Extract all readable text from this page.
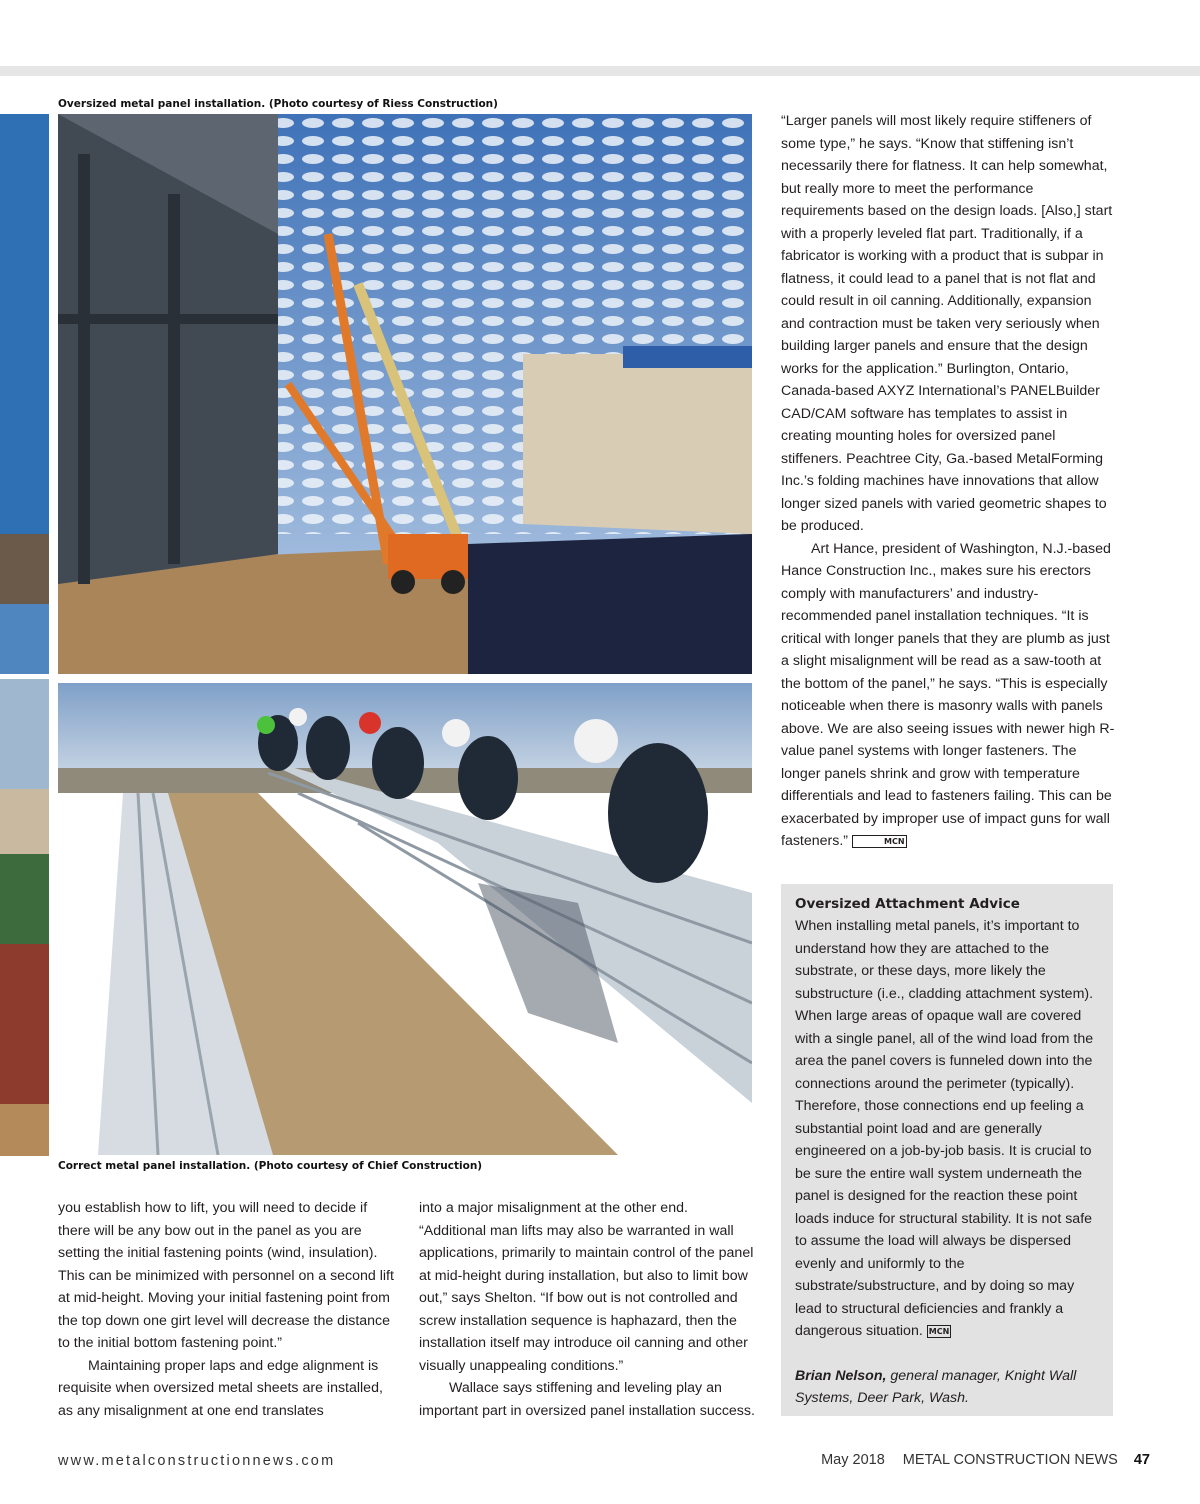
Oversized metal panel installation. (Photo courtesy of Riess Construction)
Correct metal panel installation. (Photo courtesy of Chief Construction)

“Larger panels will most likely require stiffeners of some type,” he says. “Know that stiffening isn’t necessarily there for flatness. It can help somewhat, but really more to meet the performance requirements based on the design loads. [Also,] start with a properly leveled flat part. Traditionally, if a fabricator is working with a product that is subpar in flatness, it could lead to a panel that is not flat and could result in oil canning. Additionally, expansion and contraction must be taken very seriously when building larger panels and ensure that the design works for the application.” Burlington, Ontario, Canada-based AXYZ International’s PANELBuilder CAD/CAM software has templates to assist in creating mounting holes for oversized panel stiffeners. Peachtree City, Ga.-based MetalForming Inc.’s folding machines have innovations that allow longer sized panels with varied geometric shapes to be produced.

Art Hance, president of Washington, N.J.-based Hance Construction Inc., makes sure his erectors comply with manufacturers’ and industry-recommended panel installation techniques. “It is critical with longer panels that they are plumb as just a slight misalignment will be read as a saw-tooth at the bottom of the panel,” he says. “This is especially noticeable when there is masonry walls with panels above. We are also seeing issues with newer high R-value panel systems with longer fasteners. The longer panels shrink and grow with temperature differentials and lead to fasteners failing. This can be exacerbated by improper use of impact guns for wall fasteners.”	MCN

Oversized Attachment Advice
When installing metal panels, it’s important to understand how they are attached to the substrate, or these days, more likely the substructure (i.e., cladding attachment system). When large areas of opaque wall are covered with a single panel, all of the wind load from the area the panel covers is funneled down into the connections around the perimeter (typically). Therefore, those connections end up feeling a substantial point load and are generally engineered on a job-by-job basis. It is crucial to be sure the entire wall system underneath the panel is designed for the reaction these point loads induce for structural stability. It is not safe to assume the load will always be dispersed evenly and uniformly to the substrate/substructure, and by doing so may lead to structural deficiencies and frankly a dangerous situation. MCN
Brian Nelson, general manager, Knight Wall Systems, Deer Park, Wash.

you establish how to lift, you will need to decide if there will be any bow out in the panel as you are setting the initial fastening points (wind, insulation). This can be minimized with personnel on a second lift at mid-height. Moving your initial fastening point from the top down one girt level will decrease the distance to the initial bottom fastening point.”

Maintaining proper laps and edge alignment is requisite when oversized metal sheets are installed, as any misalignment at one end translates

into a major misalignment at the other end. “Additional man lifts may also be warranted in wall applications, primarily to maintain control of the panel at mid-height during installation, but also to limit bow out,” says Shelton. “If bow out is not controlled and screw installation sequence is haphazard, then the installation itself may introduce oil canning and other visually unappealing conditions.”

Wallace says stiffening and leveling play an important part in oversized panel installation success.

www.metalconstructionnews.com	May 2018 METAL CONSTRUCTION NEWS 47
